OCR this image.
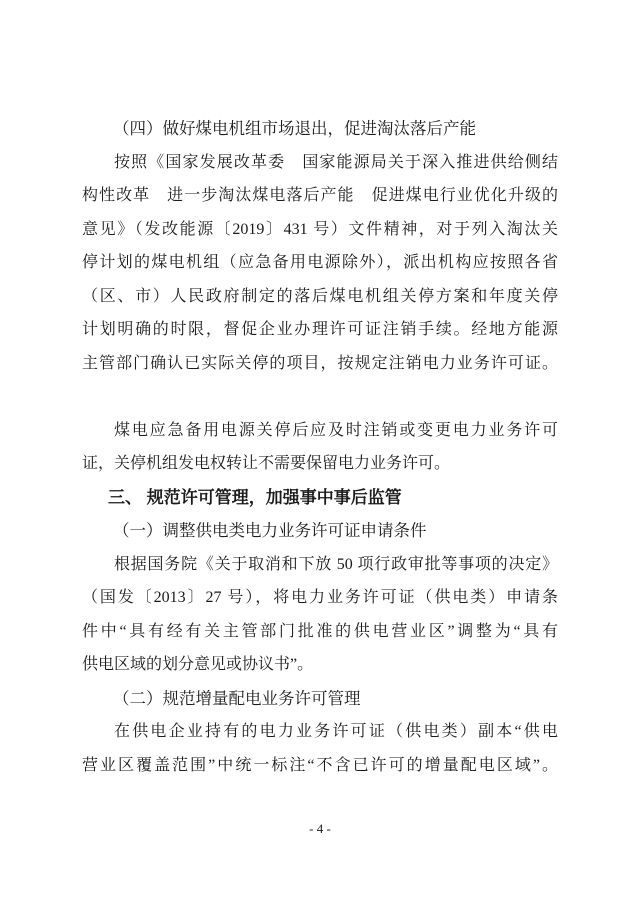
（四）做好煤电机组市场退出，促进淘汰落后产能
按照《国家发展改革委　国家能源局关于深入推进供给侧结
构性改革　进一步淘汰煤电落后产能　促进煤电行业优化升级的
意见》（发改能源〔2019〕431 号）文件精神，对于列入淘汰关
停计划的煤电机组（应急备用电源除外），派出机构应按照各省
（区、市）人民政府制定的落后煤电机组关停方案和年度关停
计划明确的时限，督促企业办理许可证注销手续。经地方能源
主管部门确认已实际关停的项目，按规定注销电力业务许可证。
煤电应急备用电源关停后应及时注销或变更电力业务许可
证，关停机组发电权转让不需要保留电力业务许可。
三、 规范许可管理，加强事中事后监管
（一）调整供电类电力业务许可证申请条件
根据国务院《关于取消和下放 50 项行政审批等事项的决定》
（国发〔2013〕27 号），将电力业务许可证（供电类）申请条
件中“具有经有关主管部门批准的供电营业区”调整为“具有
供电区域的划分意见或协议书”。
（二）规范增量配电业务许可管理
在供电企业持有的电力业务许可证（供电类）副本“供电
营业区覆盖范围”中统一标注“不含已许可的增量配电区域”。
- 4 -
